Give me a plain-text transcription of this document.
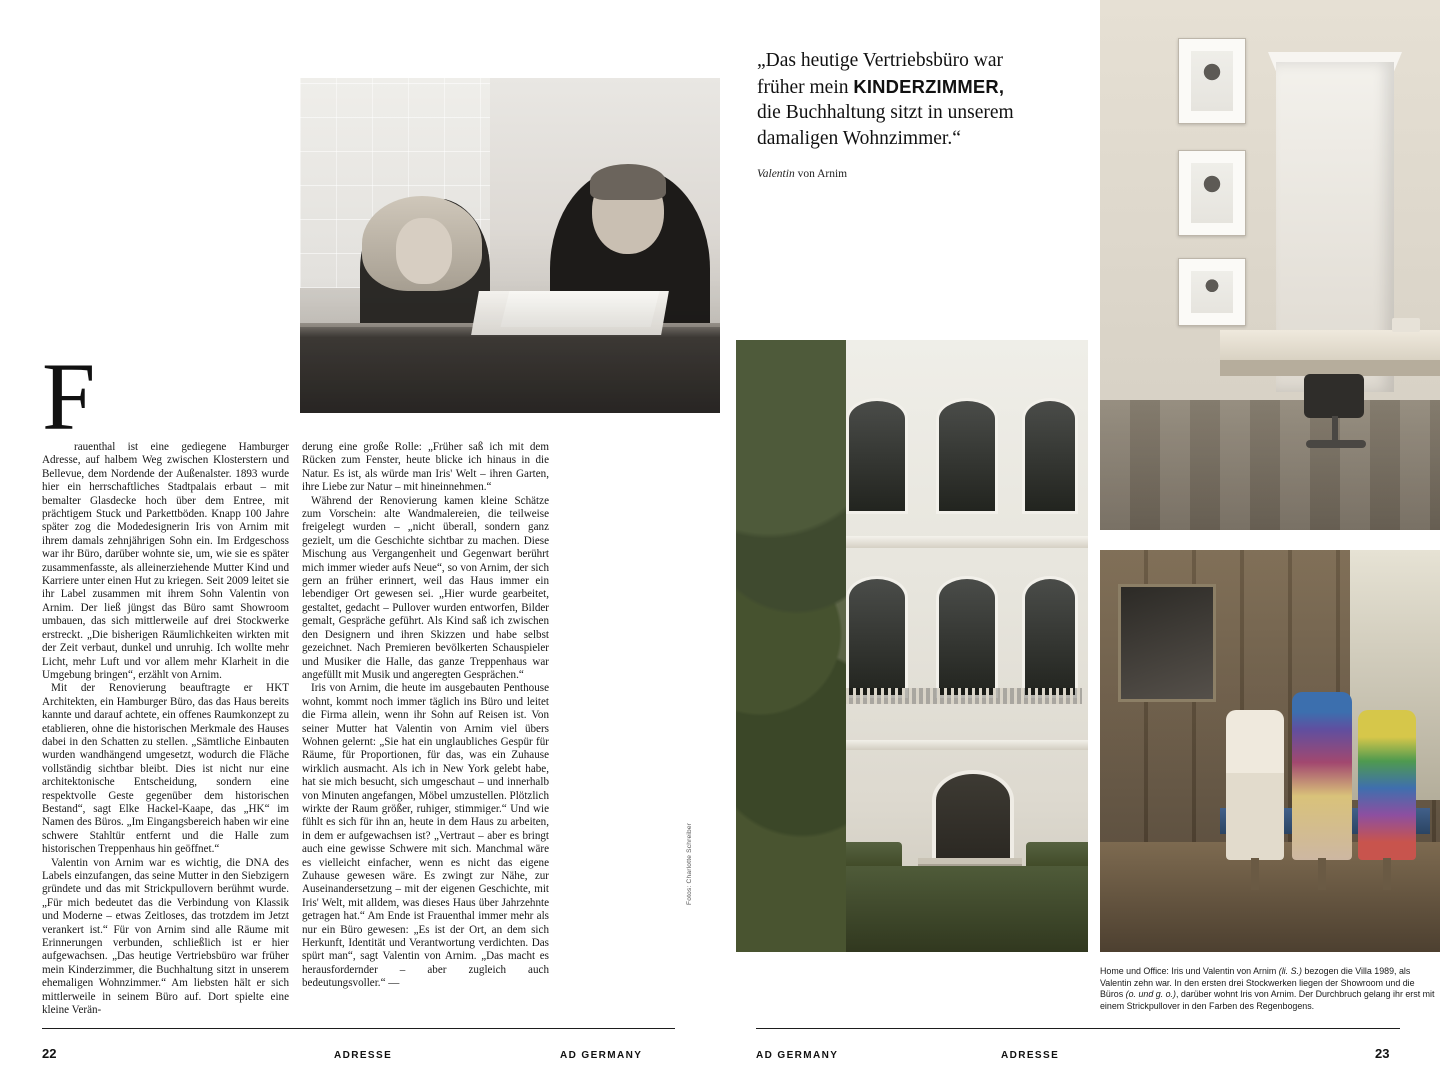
F

rauenthal ist eine gediegene Hamburger Adresse, auf halbem Weg zwischen Klosterstern und Bellevue, dem Nordende der Außenalster. 1893 wurde hier ein herrschaftliches Stadtpalais erbaut – mit bemalter Glasdecke hoch über dem Entree, mit prächtigem Stuck und Parkettböden. Knapp 100 Jahre später zog die Modedesignerin Iris von Arnim mit ihrem damals zehnjährigen Sohn ein. Im Erdgeschoss war ihr Büro, darüber wohnte sie, um, wie sie es später zusammenfasste, als alleinerziehende Mutter Kind und Karriere unter einen Hut zu kriegen. Seit 2009 leitet sie ihr Label zusammen mit ihrem Sohn Valentin von Arnim. Der ließ jüngst das Büro samt Showroom umbauen, das sich mittlerweile auf drei Stockwerke erstreckt. „Die bisherigen Räumlichkeiten wirkten mit der Zeit verbaut, dunkel und unruhig. Ich wollte mehr Licht, mehr Luft und vor allem mehr Klarheit in die Umgebung bringen“, erzählt von Arnim.

Mit der Renovierung beauftragte er HKT Architekten, ein Hamburger Büro, das das Haus bereits kannte und darauf achtete, ein offenes Raumkonzept zu etablieren, ohne die historischen Merkmale des Hauses dabei in den Schatten zu stellen. „Sämtliche Einbauten wurden wandhängend umgesetzt, wodurch die Fläche vollständig sichtbar bleibt. Dies ist nicht nur eine architektonische Entscheidung, sondern eine respektvolle Geste gegenüber dem historischen Bestand“, sagt Elke Hackel-Kaape, das „HK“ im Namen des Büros. „Im Eingangsbereich haben wir eine schwere Stahltür entfernt und die Halle zum historischen Treppenhaus hin geöffnet.“

Valentin von Arnim war es wichtig, die DNA des Labels einzufangen, das seine Mutter in den Siebzigern gründete und das mit Strickpullovern berühmt wurde. „Für mich bedeutet das die Verbindung von Klassik und Moderne – etwas Zeitloses, das trotzdem im Jetzt verankert ist.“ Für von Arnim sind alle Räume mit Erinnerungen verbunden, schließlich ist er hier aufgewachsen. „Das heutige Vertriebsbüro war früher mein Kinderzimmer, die Buchhaltung sitzt in unserem ehemaligen Wohnzimmer.“ Am liebsten hält er sich mittlerweile in seinem Büro auf. Dort spielte eine kleine Verän-

derung eine große Rolle: „Früher saß ich mit dem Rücken zum Fenster, heute blicke ich hinaus in die Natur. Es ist, als würde man Iris' Welt – ihren Garten, ihre Liebe zur Natur – mit hineinnehmen.“

Während der Renovierung kamen kleine Schätze zum Vorschein: alte Wandmalereien, die teilweise freigelegt wurden – „nicht überall, sondern ganz gezielt, um die Geschichte sichtbar zu machen. Diese Mischung aus Vergangenheit und Gegenwart berührt mich immer wieder aufs Neue“, so von Arnim, der sich gern an früher erinnert, weil das Haus immer ein lebendiger Ort gewesen sei. „Hier wurde gearbeitet, gestaltet, gedacht – Pullover wurden entworfen, Bilder gemalt, Gespräche geführt. Als Kind saß ich zwischen den Designern und ihren Skizzen und habe selbst gezeichnet. Nach Premieren bevölkerten Schauspieler und Musiker die Halle, das ganze Treppenhaus war angefüllt mit Musik und angeregten Gesprächen.“

Iris von Arnim, die heute im ausgebauten Penthouse wohnt, kommt noch immer täglich ins Büro und leitet die Firma allein, wenn ihr Sohn auf Reisen ist. Von seiner Mutter hat Valentin von Arnim viel übers Wohnen gelernt: „Sie hat ein unglaubliches Gespür für Räume, für Proportionen, für das, was ein Zuhause wirklich ausmacht. Als ich in New York gelebt habe, hat sie mich besucht, sich umgeschaut – und innerhalb von Minuten angefangen, Möbel umzustellen. Plötzlich wirkte der Raum größer, ruhiger, stimmiger.“ Und wie fühlt es sich für ihn an, heute in dem Haus zu arbeiten, in dem er aufgewachsen ist? „Vertraut – aber es bringt auch eine gewisse Schwere mit sich. Manchmal wäre es vielleicht einfacher, wenn es nicht das eigene Zuhause gewesen wäre. Es zwingt zur Nähe, zur Auseinandersetzung – mit der eigenen Geschichte, mit Iris' Welt, mit alldem, was dieses Haus über Jahrzehnte getragen hat.“ Am Ende ist Frauenthal immer mehr als nur ein Büro gewesen: „Es ist der Ort, an dem sich Herkunft, Identität und Verantwortung verdichten. Das spürt man“, sagt Valentin von Arnim. „Das macht es herausfordernder – aber zugleich auch bedeutungsvoller.“ —

Fotos: Charlotte Schreiber
22	ADRESSE	AD GERMANY
„Das heutige Vertriebsbüro war
früher mein KINDERZIMMER,
die Buchhaltung sitzt in unserem
damaligen Wohnzimmer.“
Valentin von Arnim
Home und Office: Iris und Valentin von Arnim (li. S.) bezogen die Villa 1989, als Valentin zehn war. In den ersten drei Stockwerken liegen der Showroom und die Büros (o. und g. o.), darüber wohnt Iris von Arnim. Der Durchbruch gelang ihr erst mit einem Strickpullover in den Farben des Regenbogens.
AD GERMANY	ADRESSE	23
